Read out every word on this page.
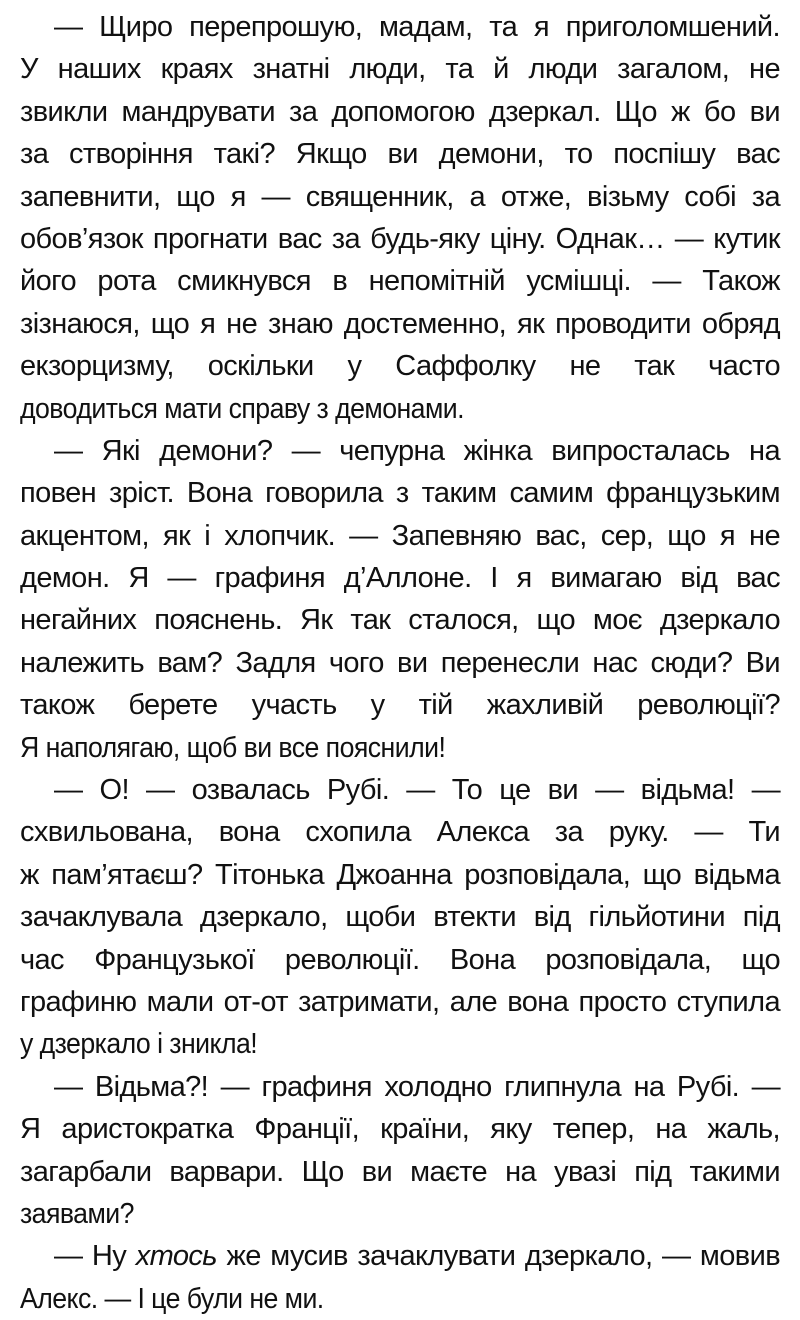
— Щиро перепрошую, мадам, та я приголомшений.
У наших краях знатні люди, та й люди загалом, не
звикли мандрувати за допомогою дзеркал. Що ж бо ви
за створіння такі? Якщо ви демони, то поспішу вас
запевнити, що я — священник, а отже, візьму собі за
обов’язок прогнати вас за будь-яку ціну. Однак… — кутик
його рота смикнувся в непомітній усмішці. — Також
зізнаюся, що я не знаю достеменно, як проводити обряд
екзорцизму, оскільки у Саффолку не так часто
доводиться мати справу з демонами.
— Які демони? — чепурна жінка випросталась на
повен зріст. Вона говорила з таким самим французьким
акцентом, як і хлопчик. — Запевняю вас, сер, що я не
демон. Я — графиня д’Аллоне. І я вимагаю від вас
негайних пояснень. Як так сталося, що моє дзеркало
належить вам? Задля чого ви перенесли нас сюди? Ви
також берете участь у тій жахливій революції?
Я наполягаю, щоб ви все пояснили!
— О! — озвалась Рубі. — То це ви — відьма! —
схвильована, вона схопила Алекса за руку. — Ти
ж пам’ятаєш? Тітонька Джоанна розповідала, що відьма
зачаклувала дзеркало, щоби втекти від гільйотини під
час Французької революції. Вона розповідала, що
графиню мали от-от затримати, але вона просто ступила
у дзеркало і зникла!
— Відьма?! — графиня холодно глипнула на Рубі. —
Я аристократка Франції, країни, яку тепер, на жаль,
загарбали варвари. Що ви маєте на увазі під такими
заявами?
— Ну хтось же мусив зачаклувати дзеркало, — мовив
Алекс. — І це були не ми.
